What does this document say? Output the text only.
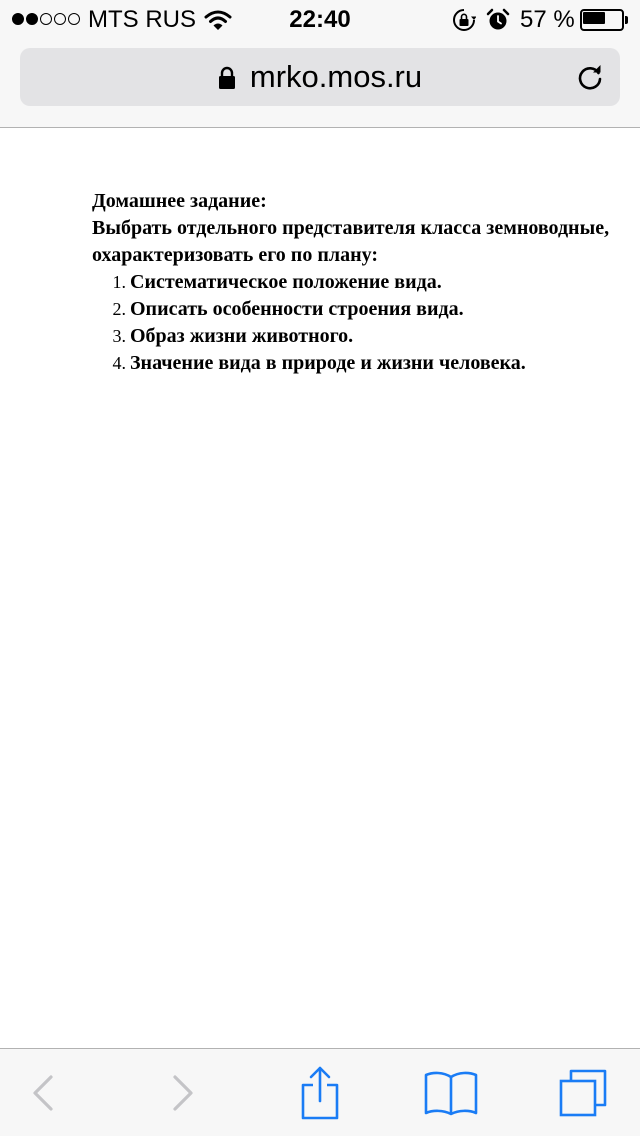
MTS RUS	22:40	57 %
mrko.mos.ru

Домашнее задание:

Выбрать отдельного представителя класса земноводные, охарактеризовать его по плану:

1. Систематическое положение вида.
2. Описать особенности строения вида.
3. Образ жизни животного.
4. Значение вида в природе и жизни человека.
